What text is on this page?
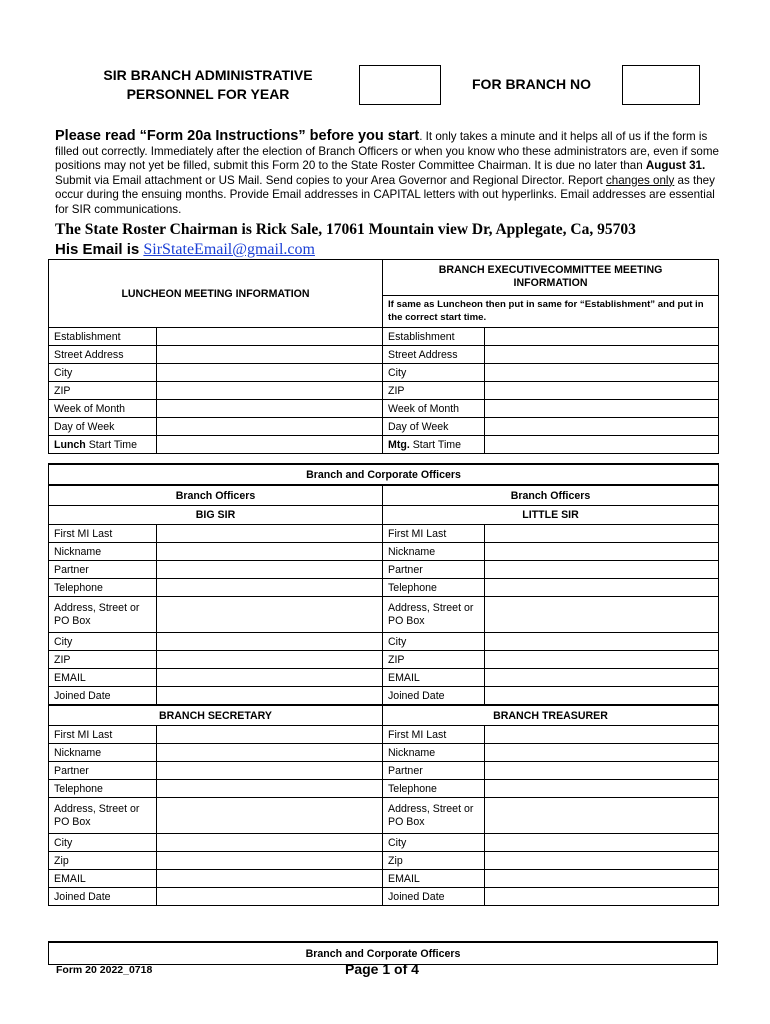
SIR BRANCH ADMINISTRATIVE
PERSONNEL FOR YEAR
FOR BRANCH NO
Please read “Form 20a Instructions” before you start. It only takes a minute and it helps all of us if the form is filled out correctly. Immediately after the election of Branch Officers or when you know who these administrators are, even if some positions may not yet be filled, submit this Form 20 to the State Roster Committee Chairman. It is due no later than August 31. Submit via Email attachment or US Mail. Send copies to your Area Governor and Regional Director. Report changes only as they occur during the ensuing months. Provide Email addresses in CAPITAL letters with out hyperlinks. Email addresses are essential for SIR communications.
The State Roster Chairman is Rick Sale, 17061 Mountain view Dr, Applegate, Ca, 95703
His Email is SirStateEmail@gmail.com
LUNCHEON MEETING INFORMATION		BRANCH EXECUTIVECOMMITTEE MEETING INFORMATION	
		If same as Luncheon then put in same for “Establishment” and put in the correct start time.	
Establishment		Establishment	
Street Address		Street Address	
City		City	
ZIP		ZIP	
Week of Month		Week of Month	
Day of Week		Day of Week	
Lunch Start Time		Mtg. Start Time	
Branch and Corporate Officers			
Branch Officers		Branch Officers	
BIG SIR		LITTLE SIR	
First MI Last		First MI Last	
Nickname		Nickname	
Partner		Partner	
Telephone		Telephone	
Address, Street or PO Box		Address, Street or PO Box	
City		City	
ZIP		ZIP	
EMAIL		EMAIL	
Joined Date		Joined Date	
BRANCH SECRETARY		BRANCH TREASURER	
First MI Last		First MI Last	
Nickname		Nickname	
Partner		Partner	
Telephone		Telephone	
Address, Street or PO Box		Address, Street or PO Box	
City		City	
Zip		Zip	
EMAIL		EMAIL	
Joined Date		Joined Date	
Branch and Corporate Officers
Form 20 2022_0718	Page 1 of 4
